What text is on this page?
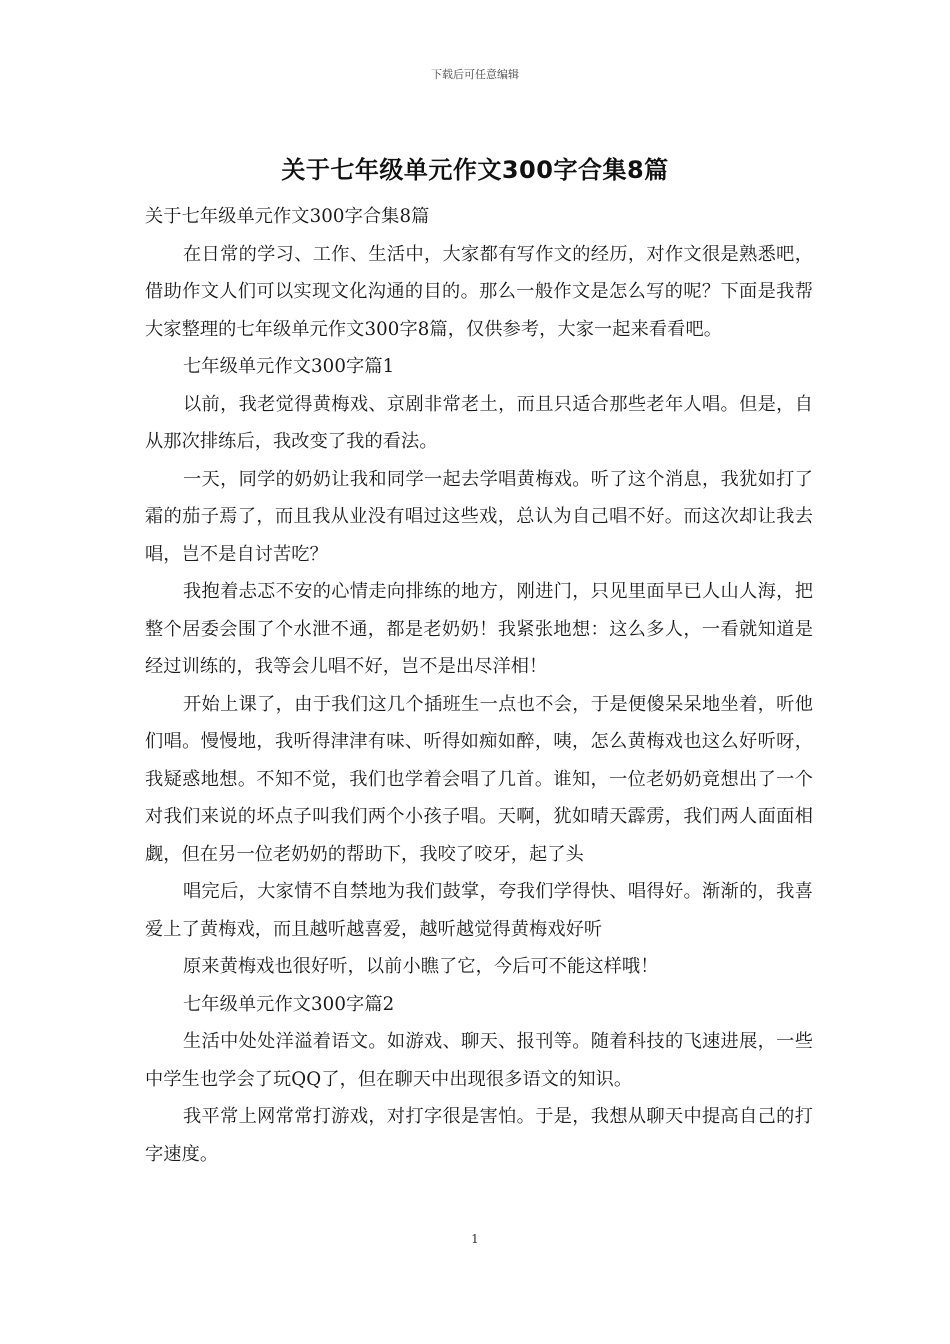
下载后可任意编辑
关于七年级单元作文300字合集8篇

关于七年级单元作文300字合集8篇

在日常的学习、工作、生活中，大家都有写作文的经历，对作文很是熟悉吧，借助作文人们可以实现文化沟通的目的。那么一般作文是怎么写的呢？下面是我帮大家整理的七年级单元作文300字8篇，仅供参考，大家一起来看看吧。

七年级单元作文300字篇1

以前，我老觉得黄梅戏、京剧非常老土，而且只适合那些老年人唱。但是，自从那次排练后，我改变了我的看法。

一天，同学的奶奶让我和同学一起去学唱黄梅戏。听了这个消息，我犹如打了霜的茄子焉了，而且我从业没有唱过这些戏，总认为自己唱不好。而这次却让我去唱，岂不是自讨苦吃？

我抱着忐忑不安的心情走向排练的地方，刚进门，只见里面早已人山人海，把整个居委会围了个水泄不通，都是老奶奶！我紧张地想：这么多人，一看就知道是经过训练的，我等会儿唱不好，岂不是出尽洋相！

开始上课了，由于我们这几个插班生一点也不会，于是便傻呆呆地坐着，听他们唱。慢慢地，我听得津津有味、听得如痴如醉，咦，怎么黄梅戏也这么好听呀，我疑惑地想。不知不觉，我们也学着会唱了几首。谁知，一位老奶奶竟想出了一个对我们来说的坏点子叫我们两个小孩子唱。天啊，犹如晴天霹雳，我们两人面面相觑，但在另一位老奶奶的帮助下，我咬了咬牙，起了头

唱完后，大家情不自禁地为我们鼓掌，夸我们学得快、唱得好。渐渐的，我喜爱上了黄梅戏，而且越听越喜爱，越听越觉得黄梅戏好听

原来黄梅戏也很好听，以前小瞧了它，今后可不能这样哦！

七年级单元作文300字篇2

生活中处处洋溢着语文。如游戏、聊天、报刊等。随着科技的飞速进展，一些中学生也学会了玩QQ了，但在聊天中出现很多语文的知识。

我平常上网常常打游戏，对打字很是害怕。于是，我想从聊天中提高自己的打字速度。

1
